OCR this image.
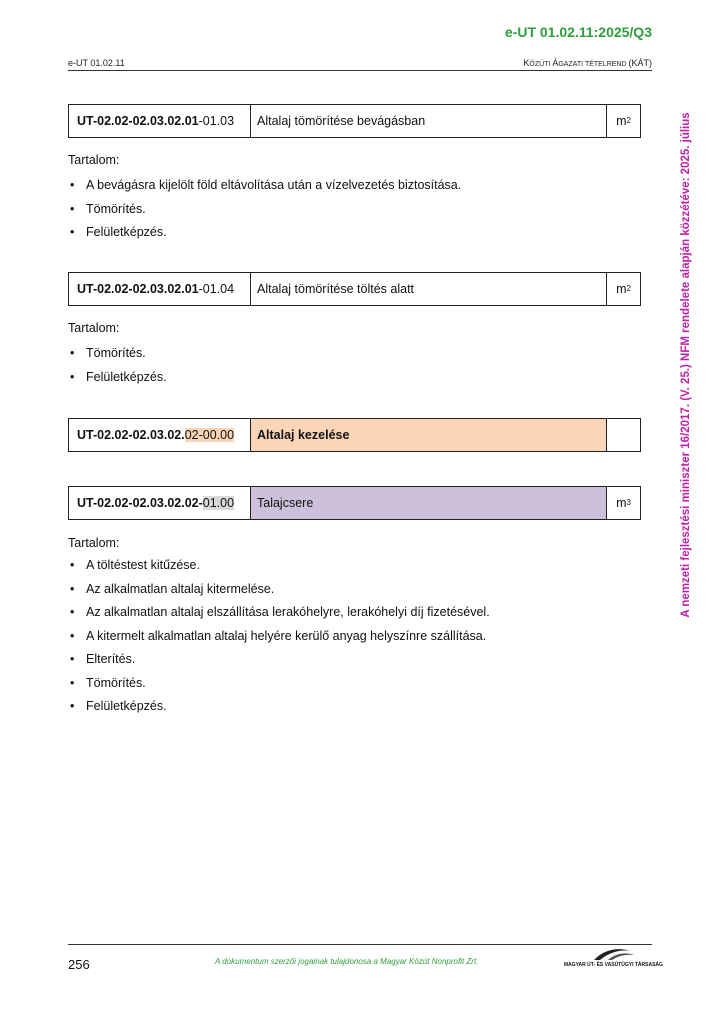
e-UT 01.02.11:2025/Q3
e-UT 01.02.11	KÖZÚTI ÁGAZATI TÉTELREND (KÁT)
A nemzeti fejlesztési miniszter 16/2017. (V. 25.) NFM rendelete alapján közzétéve: 2025. július
UT-02.02-02.03.02.01 -01.03	Altalaj tömörítése bevágásban	$m^2$
Tartalom:
• A bevágásra kijelölt föld eltávolítása után a vízelvezetés biztosítása.
• Tömörítés.
• Felületképzés.
UT-02.02-02.03.02.01 -01.04	Altalaj tömörítése töltés alatt	$m^2$
Tartalom:
• Tömörítés.
• Felületképzés.
UT-02.02-02.03.02. 02 -00.00	Altalaj kezelése
UT-02.02-02.03.02.02- 01.00	Talajcsere	$m^3$
Tartalom:
• A töltéstest kitűzése.
• Az alkalmatlan altalaj kitermelése.
• Az alkalmatlan altalaj elszállítása lerakóhelyre, lerakóhelyi díj fizetésével.
• A kitermelt alkalmatlan altalaj helyére kerülő anyag helyszínre szállítása.
• Elterítés.
• Tömörítés.
• Felületképzés.
256	A dokumentum szerzői jogainak tulajdonosa a Magyar Közút Nonprofit Zrt.	MAGYAR ÚT- ÉS VASÚTÜGYI TÁRSASÁG
